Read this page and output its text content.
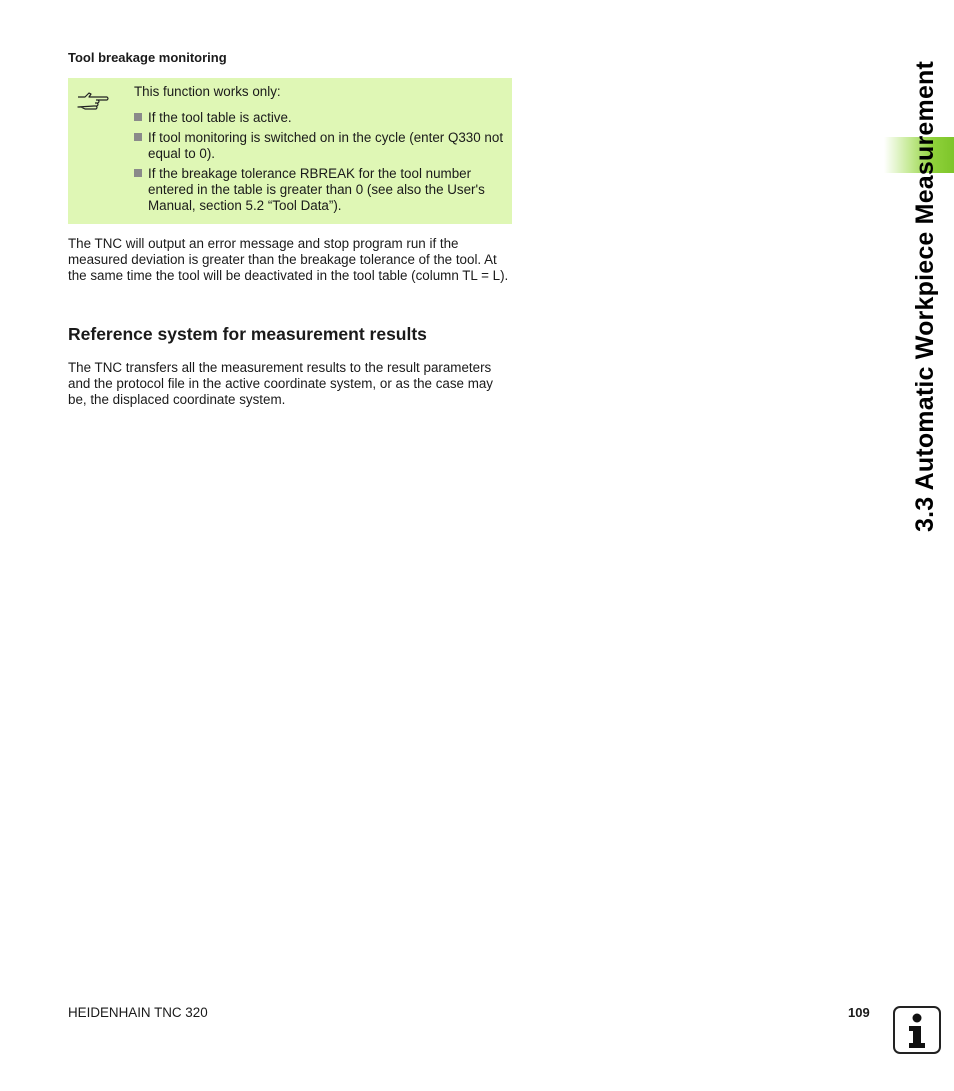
Tool breakage monitoring

This function works only:

If the tool table is active.
If tool monitoring is switched on in the cycle (enter Q330 not equal to 0).
If the breakage tolerance RBREAK for the tool number entered in the table is greater than 0 (see also the User's Manual, section 5.2 “Tool Data”).

The TNC will output an error message and stop program run if the measured deviation is greater than the breakage tolerance of the tool. At the same time the tool will be deactivated in the tool table (column TL = L).

Reference system for measurement results

The TNC transfers all the measurement results to the result parameters and the protocol file in the active coordinate system, or as the case may be, the displaced coordinate system.	3.3 Automatic Workpiece Measurement
HEIDENHAIN TNC 320	109
